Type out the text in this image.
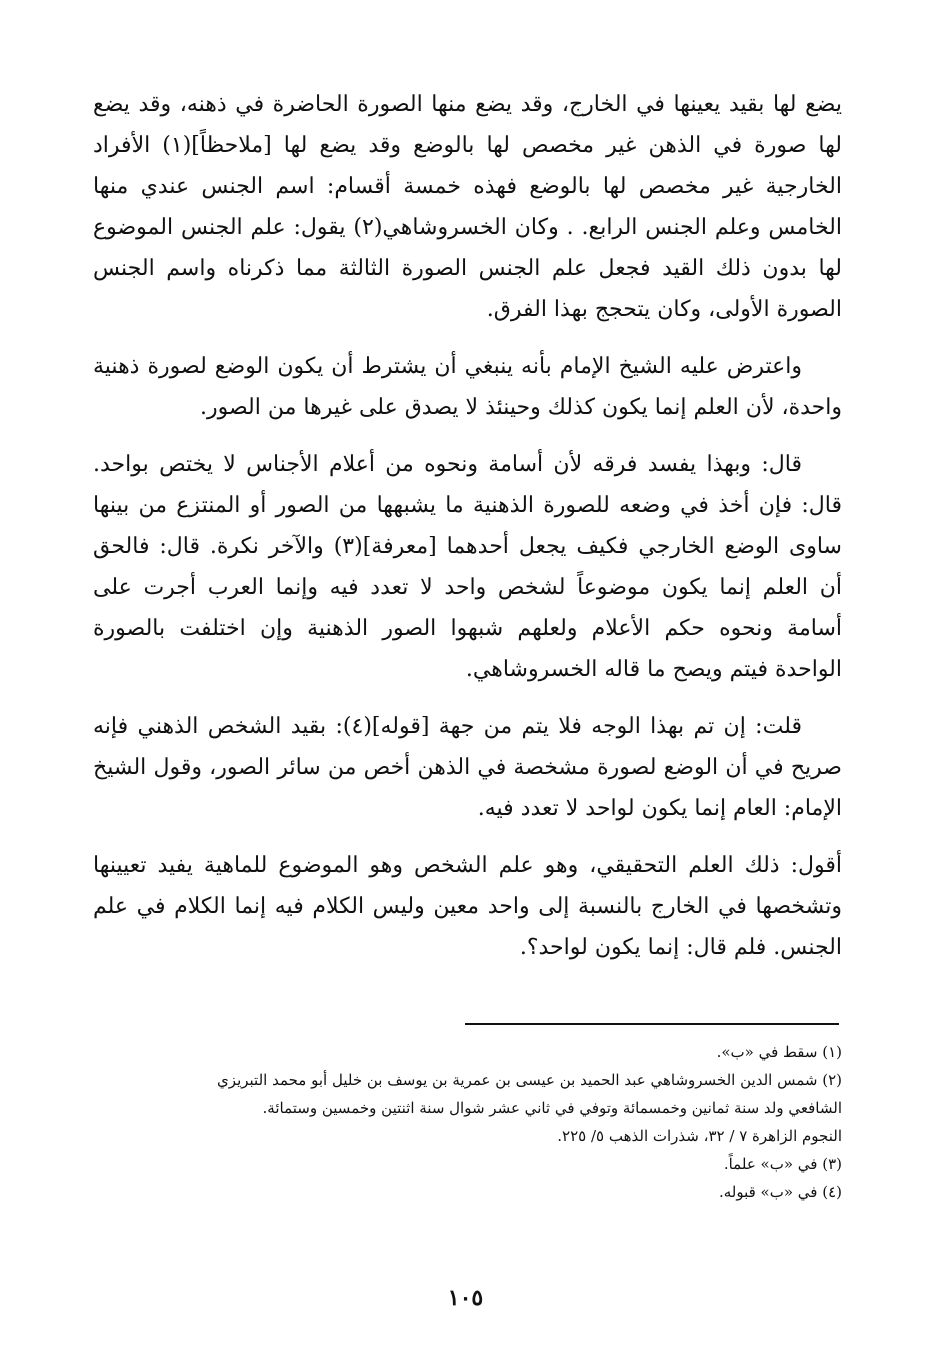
يضع لها بقيد يعينها في الخارج، وقد يضع منها الصورة الحاضرة في ذهنه، وقد يضع لها صورة في الذهن غير مخصص لها بالوضع وقد يضع لها [ملاحظاً](١) الأفراد الخارجية غير مخصص لها بالوضع فهذه خمسة أقسام: اسم الجنس عندي منها الخامس وعلم الجنس الرابع. . وكان الخسروشاهي(٢) يقول: علم الجنس الموضوع لها بدون ذلك القيد فجعل علم الجنس الصورة الثالثة مما ذكرناه واسم الجنس الصورة الأولى، وكان يتحجج بهذا الفرق.

واعترض عليه الشيخ الإمام بأنه ينبغي أن يشترط أن يكون الوضع لصورة ذهنية واحدة، لأن العلم إنما يكون كذلك وحينئذ لا يصدق على غيرها من الصور.

قال: وبهذا يفسد فرقه لأن أسامة ونحوه من أعلام الأجناس لا يختص بواحد. قال: فإن أخذ في وضعه للصورة الذهنية ما يشبهها من الصور أو المنتزع من بينها ساوى الوضع الخارجي فكيف يجعل أحدهما [معرفة](٣) والآخر نكرة. قال: فالحق أن العلم إنما يكون موضوعاً لشخص واحد لا تعدد فيه وإنما العرب أجرت على أسامة ونحوه حكم الأعلام ولعلهم شبهوا الصور الذهنية وإن اختلفت بالصورة الواحدة فيتم ويصح ما قاله الخسروشاهي.

قلت: إن تم بهذا الوجه فلا يتم من جهة [قوله](٤): بقيد الشخص الذهني فإنه صريح في أن الوضع لصورة مشخصة في الذهن أخص من سائر الصور، وقول الشيخ الإمام: العام إنما يكون لواحد لا تعدد فيه.

أقول: ذلك العلم التحقيقي، وهو علم الشخص وهو الموضوع للماهية يفيد تعيينها وتشخصها في الخارج بالنسبة إلى واحد معين وليس الكلام فيه إنما الكلام في علم الجنس. فلم قال: إنما يكون لواحد؟.

(١) سقط في «ب».

(٢) شمس الدين الخسروشاهي عبد الحميد بن عيسى بن عمرية بن يوسف بن خليل أبو محمد التبريزي

الشافعي ولد سنة ثمانين وخمسمائة وتوفي في ثاني عشر شوال سنة اثنتين وخمسين وستمائة.

النجوم الزاهرة ٧ / ٣٢، شذرات الذهب ٥/ ٢٢٥.

(٣) في «ب» علماً.

(٤) في «ب» قبوله.

١٠٥
